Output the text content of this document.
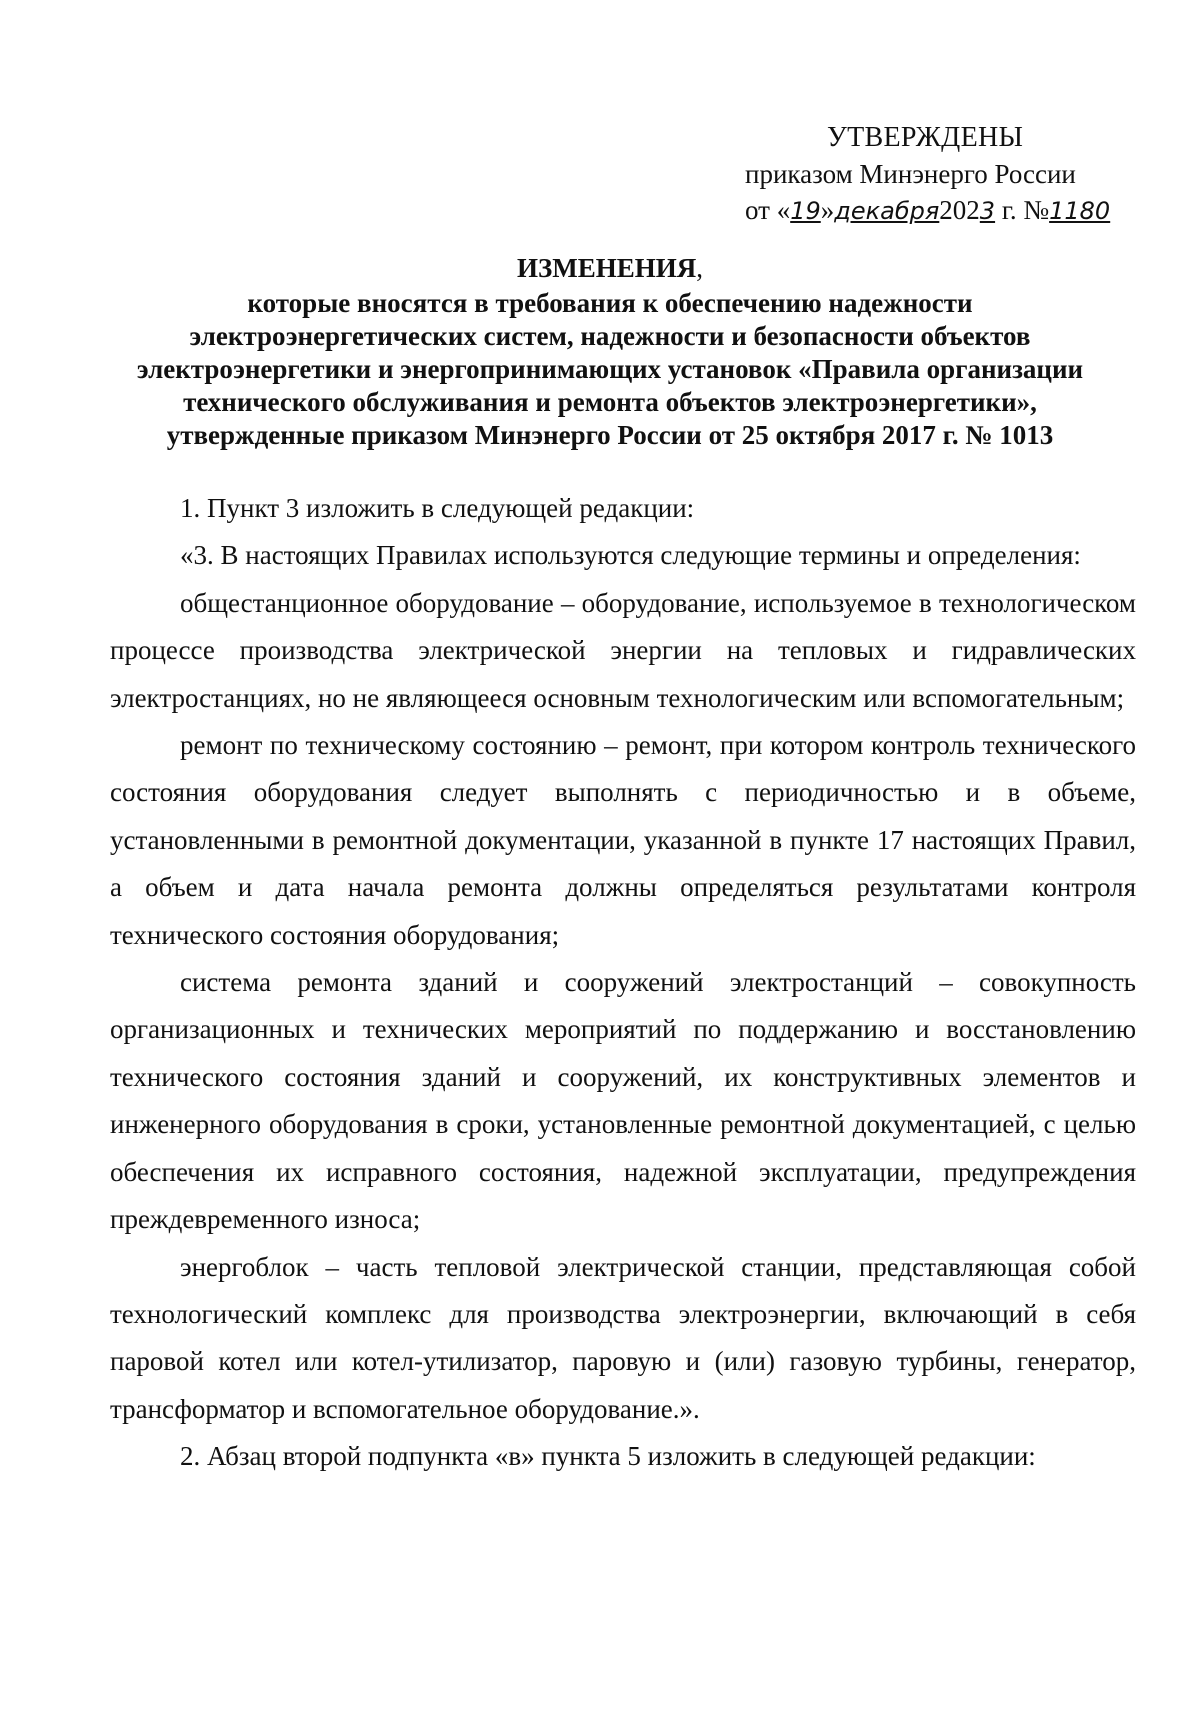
УТВЕРЖДЕНЫ
приказом Минэнерго России
от «19»декабря2023 г. №1180
ИЗМЕНЕНИЯ,
которые вносятся в требования к обеспечению надежности
электроэнергетических систем, надежности и безопасности объектов
электроэнергетики и энергопринимающих установок «Правила организации
технического обслуживания и ремонта объектов электроэнергетики»,
утвержденные приказом Минэнерго России от 25 октября 2017 г. № 1013

1. Пункт 3 изложить в следующей редакции:

«3. В настоящих Правилах используются следующие термины и определения:

общестанционное оборудование – оборудование, используемое в технологическом процессе производства электрической энергии на тепловых и гидравлических электростанциях, но не являющееся основным технологическим или вспомогательным;

ремонт по техническому состоянию – ремонт, при котором контроль технического состояния оборудования следует выполнять с периодичностью и в объеме, установленными в ремонтной документации, указанной в пункте 17 настоящих Правил, а объем и дата начала ремонта должны определяться результатами контроля технического состояния оборудования;

система ремонта зданий и сооружений электростанций – совокупность организационных и технических мероприятий по поддержанию и восстановлению технического состояния зданий и сооружений, их конструктивных элементов и инженерного оборудования в сроки, установленные ремонтной документацией, с целью обеспечения их исправного состояния, надежной эксплуатации, предупреждения преждевременного износа;

энергоблок – часть тепловой электрической станции, представляющая собой технологический комплекс для производства электроэнергии, включающий в себя паровой котел или котел-утилизатор, паровую и (или) газовую турбины, генератор, трансформатор и вспомогательное оборудование.».

2. Абзац второй подпункта «в» пункта 5 изложить в следующей редакции:
